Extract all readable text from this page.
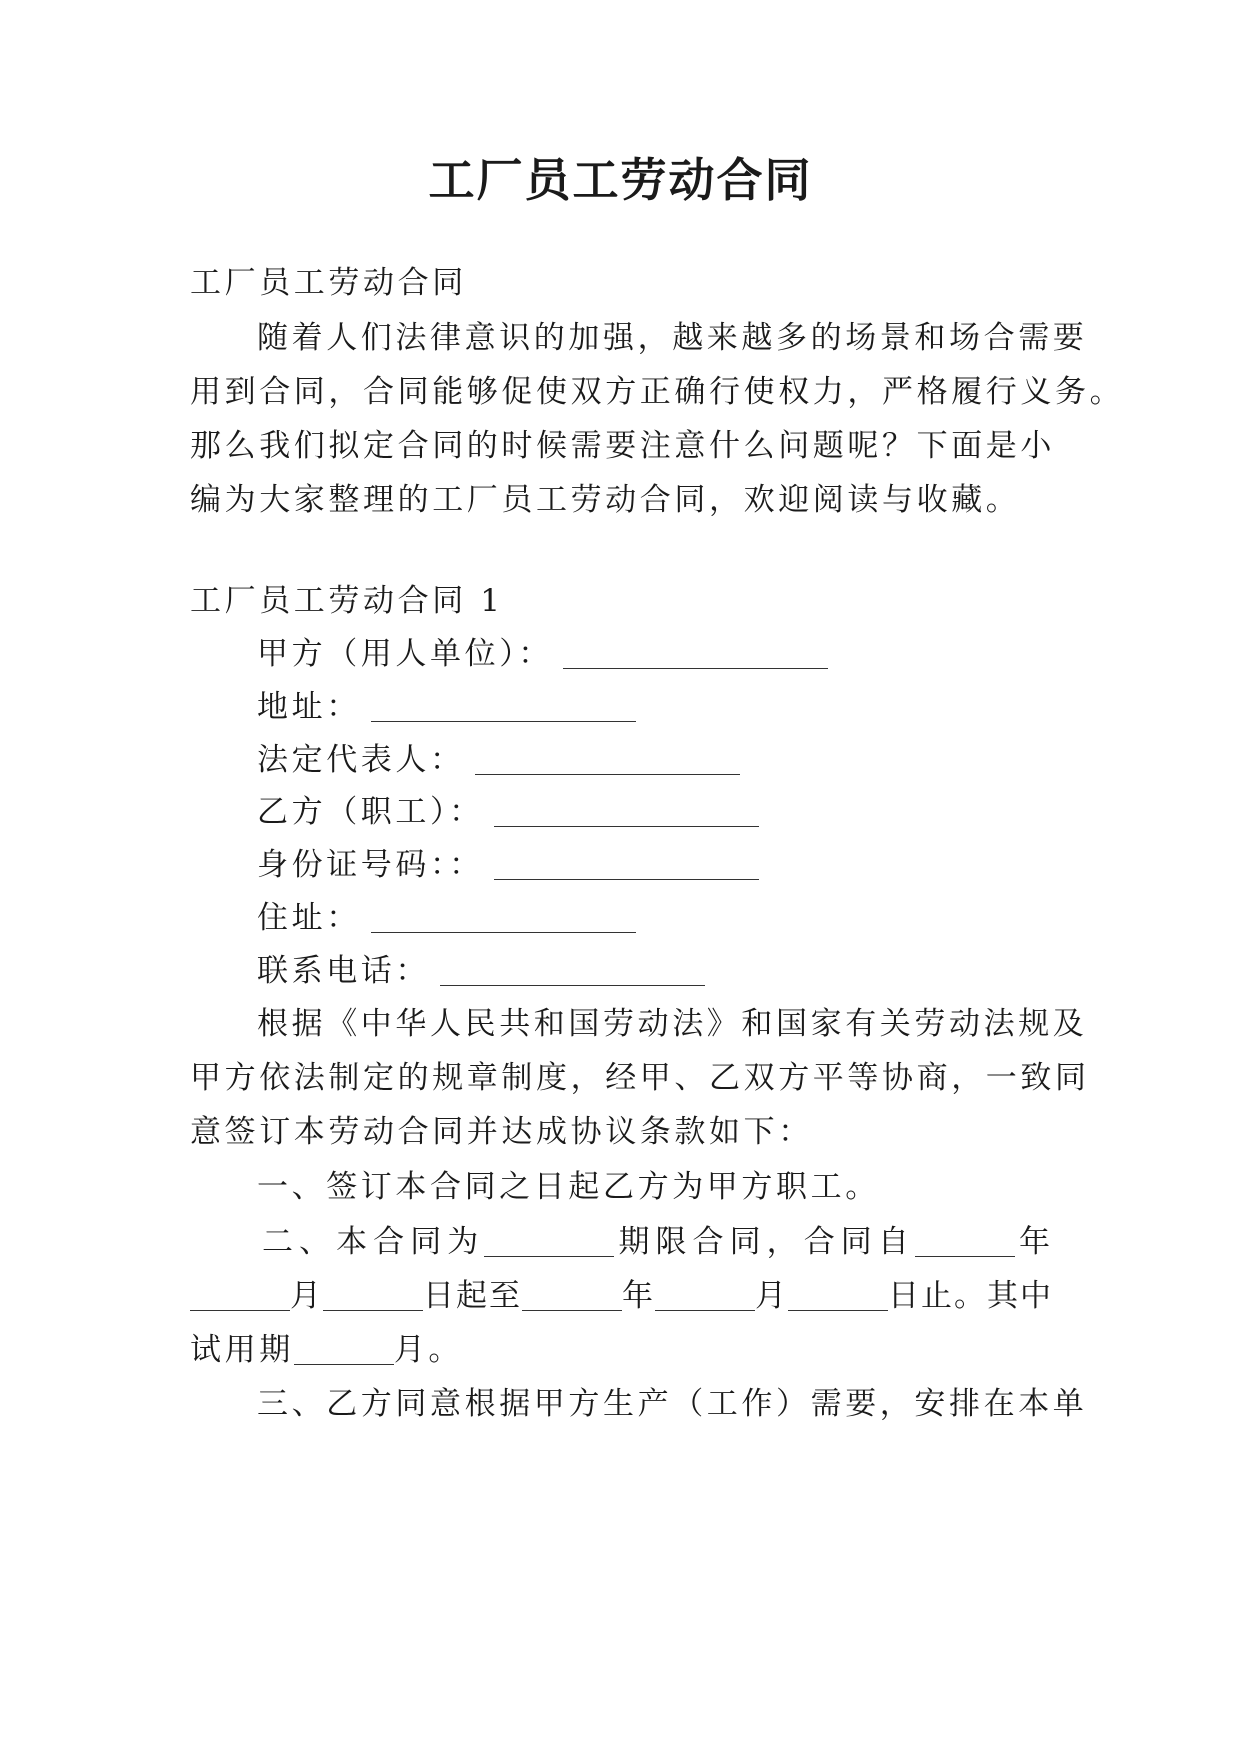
工厂员工劳动合同
工厂员工劳动合同
随着人们法律意识的加强，越来越多的场景和场合需要
用到合同，合同能够促使双方正确行使权力，严格履行义务。
那么我们拟定合同的时候需要注意什么问题呢？下面是小
编为大家整理的工厂员工劳动合同，欢迎阅读与收藏。
工厂员工劳动合同 1
甲方（用人单位）：
地址：
法定代表人：
乙方（职工）：
身份证号码：：
住址：
联系电话：
根据《中华人民共和国劳动法》和国家有关劳动法规及
甲方依法制定的规章制度，经甲、乙双方平等协商，一致同
意签订本劳动合同并达成协议条款如下：
一、签订本合同之日起乙方为甲方职工。
二、本合同为	期限合同，合同自	年
月	日起至	年	月	日止。其中
试用期	月。
三、乙方同意根据甲方生产（工作）需要，安排在本单
